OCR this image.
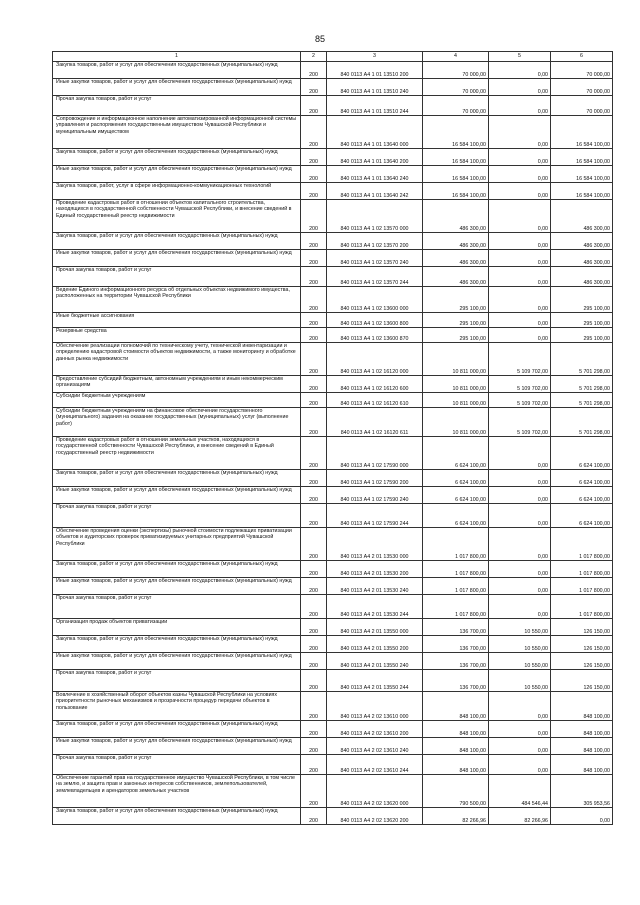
85
1	2	3	4	5	6
Закупка товаров, работ и услуг для обеспечения государственных (муниципальных) нужд	200	840 0113 А4 1 01 13510 200	70 000,00	0,00	70 000,00
Иные закупки товаров, работ и услуг для обеспечения государственных (муниципальных) нужд	200	840 0113 А4 1 01 13510 240	70 000,00	0,00	70 000,00
Прочая закупка товаров, работ и услуг	200	840 0113 А4 1 01 13510 244	70 000,00	0,00	70 000,00
Сопровождение и информационное наполнение автоматизированной информационной системы управления и распоряжения государственным имуществом Чувашской Республики и муниципальным имуществом	200	840 0113 А4 1 01 13640 000	16 584 100,00	0,00	16 584 100,00
Закупка товаров, работ и услуг для обеспечения государственных (муниципальных) нужд	200	840 0113 А4 1 01 13640 200	16 584 100,00	0,00	16 584 100,00
Иные закупки товаров, работ и услуг для обеспечения государственных (муниципальных) нужд	200	840 0113 А4 1 01 13640 240	16 584 100,00	0,00	16 584 100,00
Закупка товаров, работ, услуг в сфере информационно-коммуникационных технологий	200	840 0113 А4 1 01 13640 242	16 584 100,00	0,00	16 584 100,00
Проведение кадастровых работ в отношении объектов капитального строительства, находящихся в государственной собственности Чувашской Республики, и внесение сведений в Единый государственный реестр недвижимости	200	840 0113 А4 1 02 13570 000	486 300,00	0,00	486 300,00
Закупка товаров, работ и услуг для обеспечения государственных (муниципальных) нужд	200	840 0113 А4 1 02 13570 200	486 300,00	0,00	486 300,00
Иные закупки товаров, работ и услуг для обеспечения государственных (муниципальных) нужд	200	840 0113 А4 1 02 13570 240	486 300,00	0,00	486 300,00
Прочая закупка товаров, работ и услуг	200	840 0113 А4 1 02 13570 244	486 300,00	0,00	486 300,00
Ведение Единого информационного ресурса об отдельных объектах недвижимого имущества, расположенных на территории Чувашской Республики	200	840 0113 А4 1 02 13600 000	295 100,00	0,00	295 100,00
Иные бюджетные ассигнования	200	840 0113 А4 1 02 13600 800	295 100,00	0,00	295 100,00
Резервные средства	200	840 0113 А4 1 02 13600 870	295 100,00	0,00	295 100,00
Обеспечение реализации полномочий по техническому учету, технической инвентаризации и определению кадастровой стоимости объектов недвижимости, а также мониторингу и обработке данных рынка недвижимости	200	840 0113 А4 1 02 16120 000	10 811 000,00	5 109 702,00	5 701 298,00
Предоставление субсидий бюджетным, автономным учреждениям и иным некоммерческим организациям	200	840 0113 А4 1 02 16120 600	10 811 000,00	5 109 702,00	5 701 298,00
Субсидии бюджетным учреждениям	200	840 0113 А4 1 02 16120 610	10 811 000,00	5 109 702,00	5 701 298,00
Субсидии бюджетным учреждениям на финансовое обеспечение государственного (муниципального) задания на оказание государственных (муниципальных) услуг (выполнение работ)	200	840 0113 А4 1 02 16120 611	10 811 000,00	5 109 702,00	5 701 298,00
Проведение кадастровых работ в отношении земельных участков, находящихся в государственной собственности Чувашской Республики, и внесение сведений в Единый государственный реестр недвижимости	200	840 0113 А4 1 02 17590 000	6 624 100,00	0,00	6 624 100,00
Закупка товаров, работ и услуг для обеспечения государственных (муниципальных) нужд	200	840 0113 А4 1 02 17590 200	6 624 100,00	0,00	6 624 100,00
Иные закупки товаров, работ и услуг для обеспечения государственных (муниципальных) нужд	200	840 0113 А4 1 02 17590 240	6 624 100,00	0,00	6 624 100,00
Прочая закупка товаров, работ и услуг	200	840 0113 А4 1 02 17590 244	6 624 100,00	0,00	6 624 100,00
Обеспечение проведения оценки (экспертизы) рыночной стоимости подлежащих приватизации объектов и аудиторских проверок приватизируемых унитарных предприятий Чувашской Республики	200	840 0113 А4 2 01 13530 000	1 017 800,00	0,00	1 017 800,00
Закупка товаров, работ и услуг для обеспечения государственных (муниципальных) нужд	200	840 0113 А4 2 01 13530 200	1 017 800,00	0,00	1 017 800,00
Иные закупки товаров, работ и услуг для обеспечения государственных (муниципальных) нужд	200	840 0113 А4 2 01 13530 240	1 017 800,00	0,00	1 017 800,00
Прочая закупка товаров, работ и услуг	200	840 0113 А4 2 01 13530 244	1 017 800,00	0,00	1 017 800,00
Организация продаж объектов приватизации	200	840 0113 А4 2 01 13550 000	136 700,00	10 550,00	126 150,00
Закупка товаров, работ и услуг для обеспечения государственных (муниципальных) нужд	200	840 0113 А4 2 01 13550 200	136 700,00	10 550,00	126 150,00
Иные закупки товаров, работ и услуг для обеспечения государственных (муниципальных) нужд	200	840 0113 А4 2 01 13550 240	136 700,00	10 550,00	126 150,00
Прочая закупка товаров, работ и услуг	200	840 0113 А4 2 01 13550 244	136 700,00	10 550,00	126 150,00
Вовлечение в хозяйственный оборот объектов казны Чувашской Республики на условиях приоритетности рыночных механизмов и прозрачности процедур передачи объектов в пользование	200	840 0113 А4 2 02 13610 000	848 100,00	0,00	848 100,00
Закупка товаров, работ и услуг для обеспечения государственных (муниципальных) нужд	200	840 0113 А4 2 02 13610 200	848 100,00	0,00	848 100,00
Иные закупки товаров, работ и услуг для обеспечения государственных (муниципальных) нужд	200	840 0113 А4 2 02 13610 240	848 100,00	0,00	848 100,00
Прочая закупка товаров, работ и услуг	200	840 0113 А4 2 02 13610 244	848 100,00	0,00	848 100,00
Обеспечение гарантий прав на государственное имущество Чувашской Республики, в том числе на землю, и защита прав и законных интересов собственников, землепользователей, землевладельцев и арендаторов земельных участков	200	840 0113 А4 2 02 13620 000	790 500,00	484 546,44	305 953,56
Закупка товаров, работ и услуг для обеспечения государственных (муниципальных) нужд	200	840 0113 А4 2 02 13620 200	82 266,96	82 266,96	0,00
